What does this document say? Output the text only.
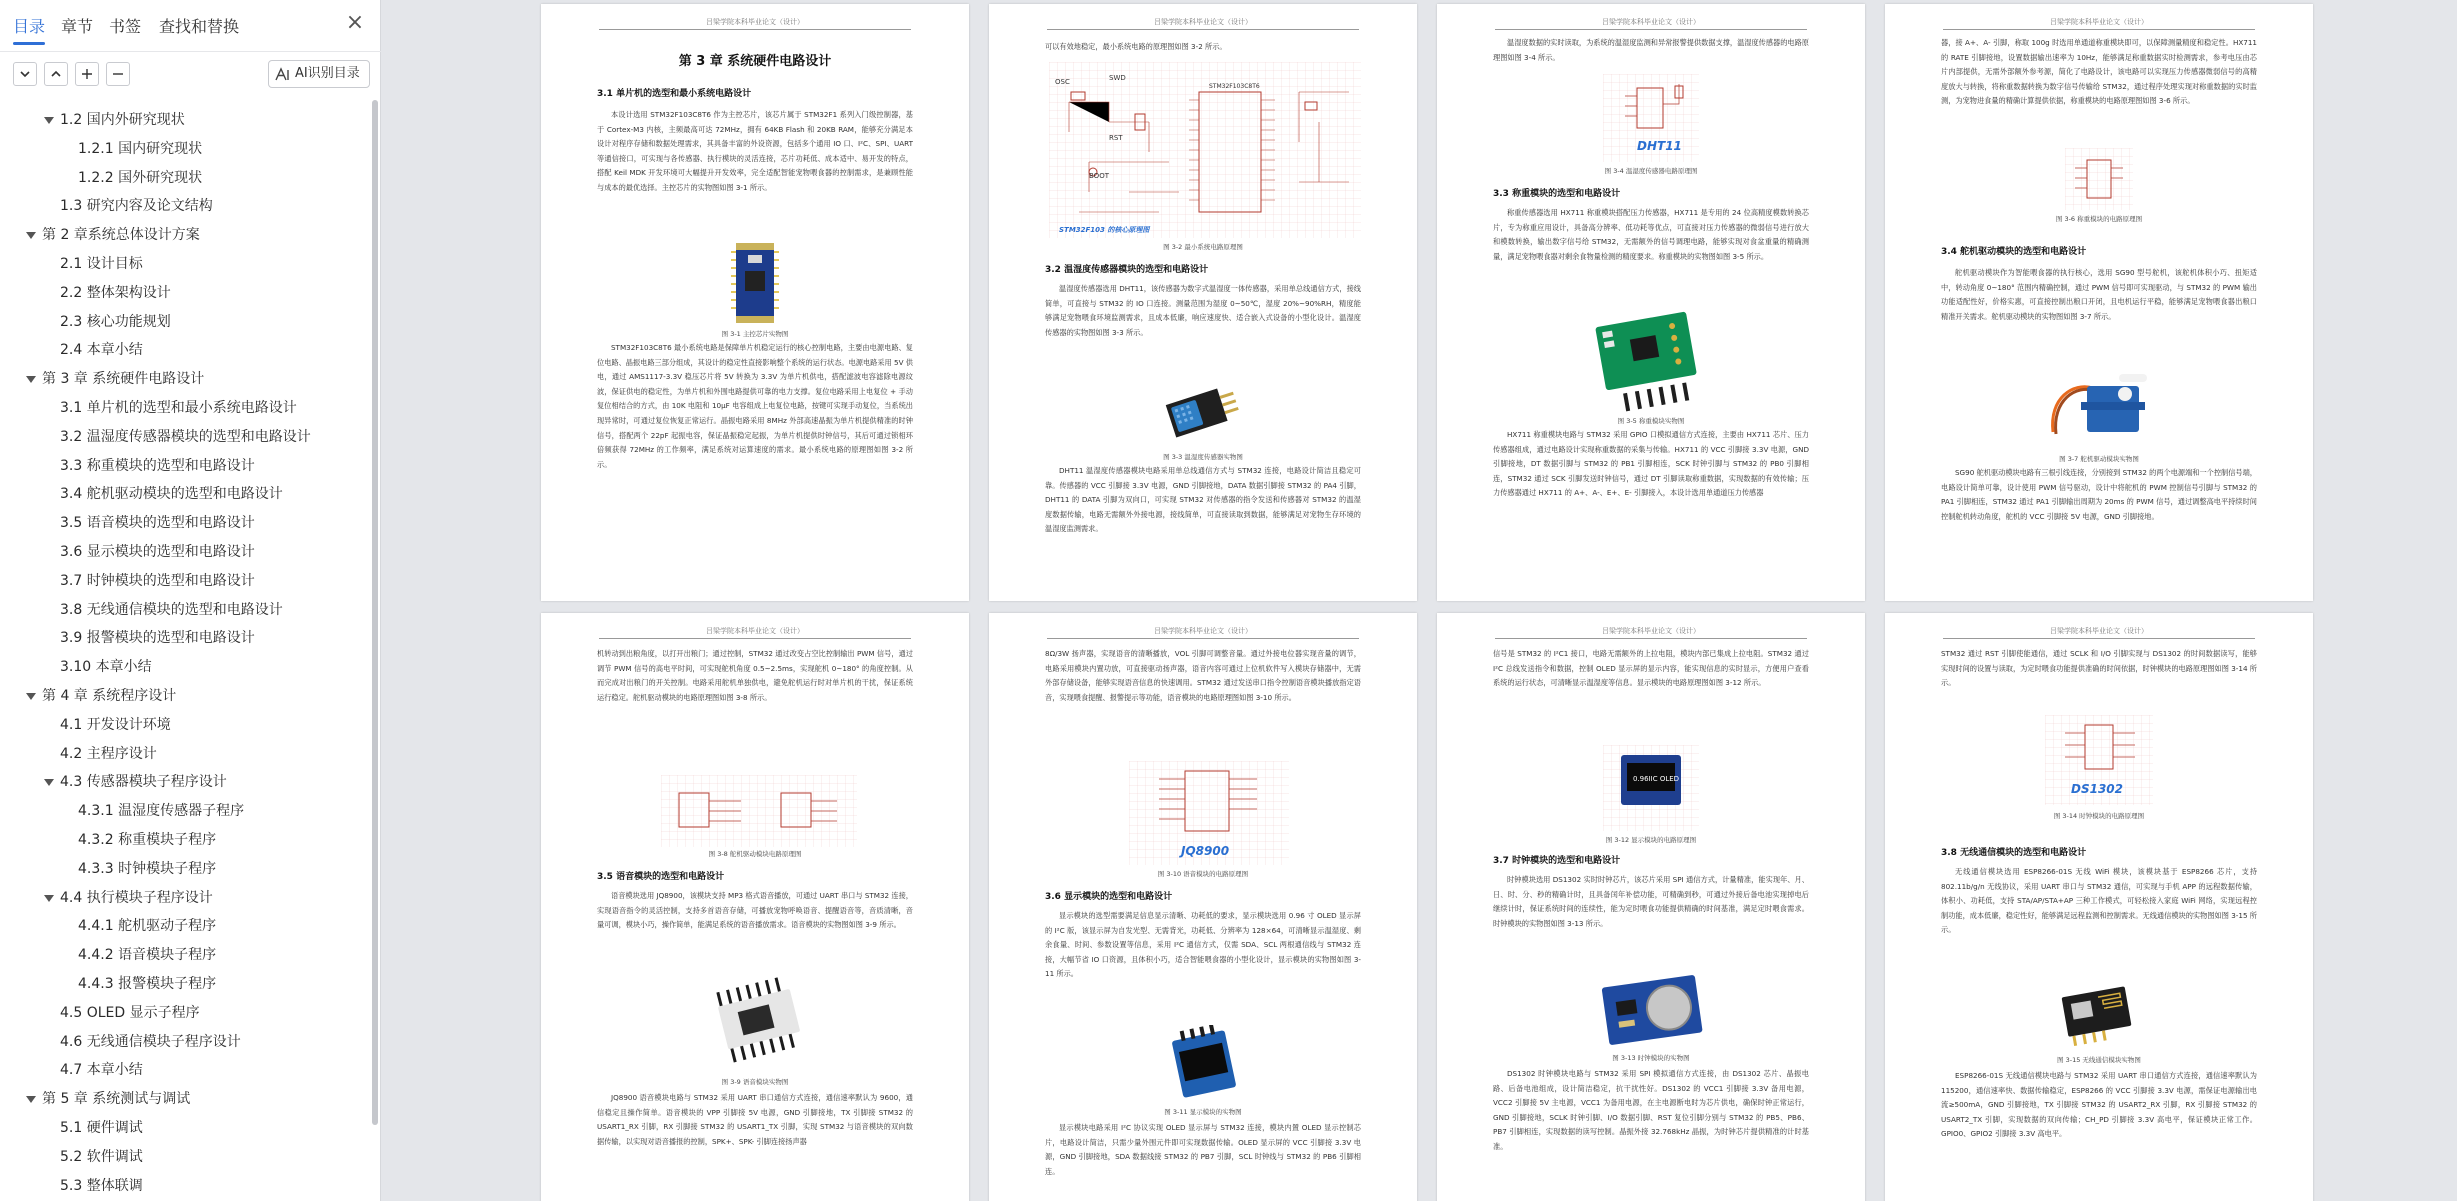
目录 章节 书签 查找和替换	×
AI识别目录
1.2 国内外研究现状
1.2.1 国内研究现状
1.2.2 国外研究现状
1.3 研究内容及论文结构
第 2 章系统总体设计方案
2.1 设计目标
2.2 整体架构设计
2.3 核心功能规划
2.4 本章小结
第 3 章 系统硬件电路设计
3.1 单片机的选型和最小系统电路设计
3.2 温湿度传感器模块的选型和电路设计
3.3 称重模块的选型和电路设计
3.4 舵机驱动模块的选型和电路设计
3.5 语音模块的选型和电路设计
3.6 显示模块的选型和电路设计
3.7 时钟模块的选型和电路设计
3.8 无线通信模块的选型和电路设计
3.9 报警模块的选型和电路设计
3.10 本章小结
第 4 章 系统程序设计
4.1 开发设计环境
4.2 主程序设计
4.3 传感器模块子程序设计
4.3.1 温湿度传感器子程序
4.3.2 称重模块子程序
4.3.3 时钟模块子程序
4.4 执行模块子程序设计
4.4.1 舵机驱动子程序
4.4.2 语音模块子程序
4.4.3 报警模块子程序
4.5 OLED 显示子程序
4.6 无线通信模块子程序设计
4.7 本章小结
第 5 章 系统测试与调试
5.1 硬件调试
5.2 软件调试
5.3 整体联调
吕梁学院本科毕业论文（设计）
第 3 章 系统硬件电路设计
3.1 单片机的选型和最小系统电路设计
本设计选用 STM32F103C8T6 作为主控芯片，该芯片属于 STM32F1 系列入门级控制器，基于 Cortex-M3 内核，主频最高可达 72MHz，拥有 64KB Flash 和 20KB RAM，能够充分满足本设计对程序存储和数据处理需求，其具备丰富的外设资源，包括多个通用 IO 口、I²C、SPI、UART 等通信接口，可实现与各传感器、执行模块的灵活连接，芯片功耗低、成本适中、易开发的特点，搭配 Keil MDK 开发环境可大幅提升开发效率，完全适配智能宠物喂食器的控制需求，是兼顾性能与成本的最优选择。主控芯片的实物图如图 3-1 所示。
图 3-1 主控芯片实物图
STM32F103C8T6 最小系统电路是保障单片机稳定运行的核心控制电路，主要由电源电路、复位电路、晶振电路三部分组成，其设计的稳定性直接影响整个系统的运行状态。电源电路采用 5V 供电，通过 AMS1117-3.3V 稳压芯片将 5V 转换为 3.3V 为单片机供电，搭配滤波电容滤除电源纹波，保证供电的稳定性，为单片机和外围电路提供可靠的电力支撑。复位电路采用上电复位 + 手动复位相结合的方式，由 10K 电阻和 10μF 电容组成上电复位电路，按键可实现手动复位，当系统出现异常时，可通过复位恢复正常运行。晶振电路采用 8MHz 外部高速晶振为单片机提供精准的时钟信号，搭配两个 22pF 起振电容，保证晶振稳定起振，为单片机提供时钟信号，其后可通过锁相环倍频获得 72MHz 的工作频率，满足系统对运算速度的需求。最小系统电路的原理图如图 3-2 所示。
吕梁学院本科毕业论文（设计）
可以有效地稳定，最小系统电路的原理图如图 3-2 所示。
OSC	SWD
RST
BOOT
STM32F103C8T6
STM32F103 的核心原理图
图 3-2 最小系统电路原理图
3.2 温湿度传感器模块的选型和电路设计
温湿度传感器选用 DHT11，该传感器为数字式温湿度一体传感器，采用单总线通信方式，接线简单，可直接与 STM32 的 IO 口连接。测量范围为湿度 0~50℃，湿度 20%~90%RH，精度能够满足宠物喂食环境监测需求，且成本低廉，响应速度快、适合嵌入式设备的小型化设计。温湿度传感器的实物图如图 3-3 所示。
图 3-3 温湿度传感器实物图
DHT11 温湿度传感器模块电路采用单总线通信方式与 STM32 连接，电路设计简洁且稳定可靠。传感器的 VCC 引脚接 3.3V 电源，GND 引脚接地，DATA 数据引脚接 STM32 的 PA4 引脚，DHT11 的 DATA 引脚为双向口，可实现 STM32 对传感器的指令发送和传感器对 STM32 的温湿度数据传输，电路无需额外外接电源，接线简单，可直接读取到数据，能够满足对宠物生存环境的温湿度监测需求。
吕梁学院本科毕业论文（设计）
温湿度数据的实时读取，为系统的温湿度监测和异常报警提供数据支撑，温湿度传感器的电路原理图如图 3-4 所示。
DHT11
图 3-4 温湿度传感器电路原理图
3.3 称重模块的选型和电路设计
称重传感器选用 HX711 称重模块搭配压力传感器，HX711 是专用的 24 位高精度模数转换芯片，专为称重应用设计，具备高分辨率、低功耗等优点，可直接对压力传感器的微弱信号进行放大和模数转换，输出数字信号给 STM32，无需额外的信号调理电路，能够实现对食盆重量的精确测量，满足宠物喂食器对剩余食物量检测的精度要求。称重模块的实物图如图 3-5 所示。
图 3-5 称重模块实物图
HX711 称重模块电路与 STM32 采用 GPIO 口模拟通信方式连接，主要由 HX711 芯片、压力传感器组成，通过电路设计实现称重数据的采集与传输。HX711 的 VCC 引脚接 3.3V 电源，GND 引脚接地，DT 数据引脚与 STM32 的 PB1 引脚相连，SCK 时钟引脚与 STM32 的 PB0 引脚相连，STM32 通过 SCK 引脚发送时钟信号，通过 DT 引脚读取称重数据，实现数据的有效传输；压力传感器通过 HX711 的 A+、A-、E+、E- 引脚接入，本设计选用单通道压力传感器
吕梁学院本科毕业论文（设计）
器，接 A+、A- 引脚，称取 100g 时选用单通道称重模块即可，以保障测量精度和稳定性。HX711 的 RATE 引脚接地，设置数据输出速率为 10Hz，能够满足称重数据实时检测需求，参考电压由芯片内部提供，无需外部额外参考源，简化了电路设计，该电路可以实现压力传感器微弱信号的高精度放大与转换，将称重数据转换为数字信号传输给 STM32，通过程序处理实现对称重数据的实时监测，为宠物进食量的精确计算提供依据，称重模块的电路原理图如图 3-6 所示。
图 3-6 称重模块的电路原理图
3.4 舵机驱动模块的选型和电路设计
舵机驱动模块作为智能喂食器的执行核心，选用 SG90 型号舵机，该舵机体积小巧、扭矩适中，转动角度 0~180° 范围内精确控制，通过 PWM 信号即可实现驱动，与 STM32 的 PWM 输出功能适配性好，价格实惠，可直接控制出粮口开闭，且电机运行平稳，能够满足宠物喂食器出粮口精准开关需求。舵机驱动模块的实物图如图 3-7 所示。
图 3-7 舵机驱动模块实物图
SG90 舵机驱动模块电路有三根引线连接，分别接到 STM32 的两个电源端和一个控制信号端，电路设计简单可靠，设计使用 PWM 信号驱动，设计中将舵机的 PWM 控制信号引脚与 STM32 的 PA1 引脚相连，STM32 通过 PA1 引脚输出周期为 20ms 的 PWM 信号，通过调整高电平持续时间控制舵机转动角度，舵机的 VCC 引脚接 5V 电源，GND 引脚接地。
吕梁学院本科毕业论文（设计）
机转动到出粮角度，以打开出粮门；通过控制，STM32 通过改变占空比控制输出 PWM 信号，通过调节 PWM 信号的高电平时间，可实现舵机角度 0.5~2.5ms，实现舵机 0~180° 的角度控制。从而完成对出粮门的开关控制。电路采用舵机单独供电，避免舵机运行时对单片机的干扰，保证系统运行稳定。舵机驱动模块的电路原理图如图 3-8 所示。
图 3-8 舵机驱动模块电路原理图
3.5 语音模块的选型和电路设计
语音模块选用 JQ8900，该模块支持 MP3 格式语音播放，可通过 UART 串口与 STM32 连接，实现语音指令的灵活控制，支持多首语音存储，可播放宠物呼唤语音、提醒语音等，音质清晰，音量可调，模块小巧，操作简单，能满足系统的语音播放需求。语音模块的实物图如图 3-9 所示。
图 3-9 语音模块实物图
JQ8900 语音模块电路与 STM32 采用 UART 串口通信方式连接，通信速率默认为 9600，通信稳定且操作简单。语音模块的 VPP 引脚接 5V 电源，GND 引脚接地，TX 引脚接 STM32 的 USART1_RX 引脚，RX 引脚接 STM32 的 USART1_TX 引脚，实现 STM32 与语音模块的双向数据传输，以实现对语音播报的控制，SPK+、SPK- 引脚连接扬声器
吕梁学院本科毕业论文（设计）
8Ω/3W 扬声器，实现语音的清晰播放，VOL 引脚可调整音量。通过外接电位器实现音量的调节，电路采用模块内置功放，可直接驱动扬声器，语音内容可通过上位机软件写入模块存储器中，无需外部存储设备，能够实现语音信息的快速调用。STM32 通过发送串口指令控制语音模块播放指定语音，实现喂食提醒、报警提示等功能，语音模块的电路原理图如图 3-10 所示。
JQ8900
图 3-10 语音模块的电路原理图
3.6 显示模块的选型和电路设计
显示模块的选型需要满足信息显示清晰、功耗低的要求，显示模块选用 0.96 寸 OLED 显示屏的 I²C 版，该显示屏为自发光型、无需背光，功耗低、分辨率为 128×64，可清晰显示温湿度、剩余食量、时间、参数设置等信息，采用 I²C 通信方式，仅需 SDA、SCL 两根通信线与 STM32 连接，大幅节省 IO 口资源，且体积小巧，适合智能喂食器的小型化设计，显示模块的实物图如图 3-11 所示。
图 3-11 显示模块的实物图
显示模块电路采用 I²C 协议实现 OLED 显示屏与 STM32 连接，模块内置 OLED 显示控制芯片，电路设计简洁，只需少量外围元件即可实现数据传输。OLED 显示屏的 VCC 引脚接 3.3V 电源，GND 引脚接地，SDA 数据线接 STM32 的 PB7 引脚，SCL 时钟线与 STM32 的 PB6 引脚相连。
吕梁学院本科毕业论文（设计）
信号是 STM32 的 I²C1 接口，电路无需额外的上拉电阻，模块内部已集成上拉电阻。STM32 通过 I²C 总线发送指令和数据，控制 OLED 显示屏的显示内容，能实现信息的实时显示，方便用户查看系统的运行状态，可清晰显示温湿度等信息。显示模块的电路原理图如图 3-12 所示。
0.96IIC OLED
图 3-12 显示模块的电路原理图
3.7 时钟模块的选型和电路设计
时钟模块选用 DS1302 实时时钟芯片，该芯片采用 SPI 通信方式，计量精准，能实现年、月、日、时、分、秒的精确计时，且具备闰年补偿功能，可精确到秒，可通过外接后备电池实现掉电后继续计时，保证系统时间的连续性，能为定时喂食功能提供精确的时间基准，满足定时喂食需求。时钟模块的实物图如图 3-13 所示。
图 3-13 时钟模块的实物图
DS1302 时钟模块电路与 STM32 采用 SPI 模拟通信方式连接，由 DS1302 芯片、晶振电路、后备电池组成，设计简洁稳定，抗干扰性好。DS1302 的 VCC1 引脚接 3.3V 备用电源，VCC2 引脚接 5V 主电源，VCC1 为备用电源，在主电源断电时为芯片供电，确保时钟正常运行，GND 引脚接地，SCLK 时钟引脚、I/O 数据引脚、RST 复位引脚分别与 STM32 的 PB5、PB6、PB7 引脚相连，实现数据的读写控制。晶振外接 32.768kHz 晶振，为时钟芯片提供精准的计时基准。
吕梁学院本科毕业论文（设计）
STM32 通过 RST 引脚使能通信，通过 SCLK 和 I/O 引脚实现与 DS1302 的时间数据读写，能够实现时间的设置与读取，为定时喂食功能提供准确的时间依据，时钟模块的电路原理图如图 3-14 所示。
DS1302
图 3-14 时钟模块的电路原理图
3.8 无线通信模块的选型和电路设计
无线通信模块选用 ESP8266-01S 无线 WiFi 模块，该模块基于 ESP8266 芯片，支持 802.11b/g/n 无线协议，采用 UART 串口与 STM32 通信，可实现与手机 APP 的远程数据传输，体积小、功耗低，支持 STA/AP/STA+AP 三种工作模式，可轻松接入家庭 WiFi 网络，实现远程控制功能，成本低廉，稳定性好，能够满足远程监测和控制需求。无线通信模块的实物图如图 3-15 所示。
图 3-15 无线通信模块实物图
ESP8266-01S 无线通信模块电路与 STM32 采用 UART 串口通信方式连接，通信速率默认为 115200，通信速率快、数据传输稳定，ESP8266 的 VCC 引脚接 3.3V 电源，需保证电源输出电流≥500mA，GND 引脚接地，TX 引脚接 STM32 的 USART2_RX 引脚，RX 引脚接 STM32 的 USART2_TX 引脚，实现数据的双向传输；CH_PD 引脚接 3.3V 高电平，保证模块正常工作。GPIO0、GPIO2 引脚接 3.3V 高电平。
